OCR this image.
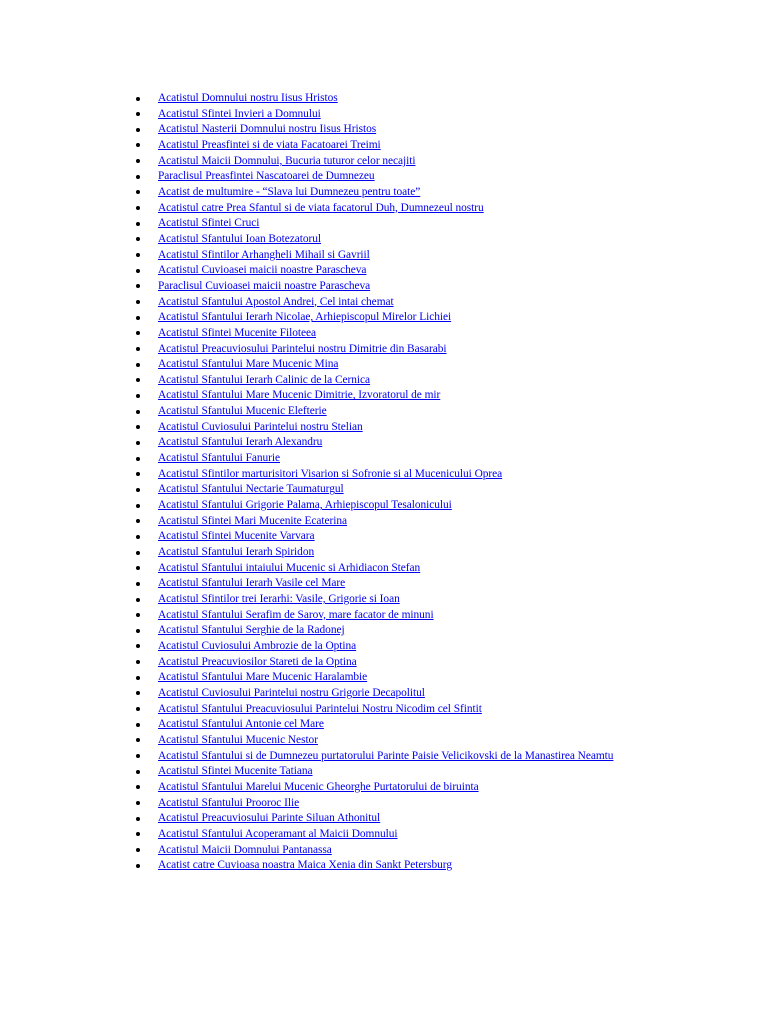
Acatistul Domnului nostru Iisus Hristos
Acatistul Sfintei Invieri a Domnului
Acatistul Nasterii Domnului nostru Iisus Hristos
Acatistul Preasfintei si de viata Facatoarei Treimi
Acatistul Maicii Domnului, Bucuria tuturor celor necajiti
Paraclisul Preasfintei Nascatoarei de Dumnezeu
Acatist de multumire - “Slava lui Dumnezeu pentru toate”
Acatistul catre Prea Sfantul si de viata facatorul Duh, Dumnezeul nostru
Acatistul Sfintei Cruci
Acatistul Sfantului Ioan Botezatorul
Acatistul Sfintilor Arhangheli Mihail si Gavriil
Acatistul Cuvioasei maicii noastre Parascheva
Paraclisul Cuvioasei maicii noastre Parascheva
Acatistul Sfantului Apostol Andrei, Cel intai chemat
Acatistul Sfantului Ierarh Nicolae, Arhiepiscopul Mirelor Lichiei
Acatistul Sfintei Mucenite Filoteea
Acatistul Preacuviosului Parintelui nostru Dimitrie din Basarabi
Acatistul Sfantului Mare Mucenic Mina
Acatistul Sfantului Ierarh Calinic de la Cernica
Acatistul Sfantului Mare Mucenic Dimitrie, Izvoratorul de mir
Acatistul Sfantului Mucenic Elefterie
Acatistul Cuviosului Parintelui nostru Stelian
Acatistul Sfantului Ierarh Alexandru
Acatistul Sfantului Fanurie
Acatistul Sfintilor marturisitori Visarion si Sofronie si al Mucenicului Oprea
Acatistul Sfantului Nectarie Taumaturgul
Acatistul Sfantului Grigorie Palama, Arhiepiscopul Tesalonicului
Acatistul Sfintei Mari Mucenite Ecaterina
Acatistul Sfintei Mucenite Varvara
Acatistul Sfantului Ierarh Spiridon
Acatistul Sfantului intaiului Mucenic si Arhidiacon Stefan
Acatistul Sfantului Ierarh Vasile cel Mare
Acatistul Sfintilor trei Ierarhi: Vasile, Grigorie si Ioan
Acatistul Sfantului Serafim de Sarov, mare facator de minuni
Acatistul Sfantului Serghie de la Radonej
Acatistul Cuviosului Ambrozie de la Optina
Acatistul Preacuviosilor Stareti de la Optina
Acatistul Sfantului Mare Mucenic Haralambie
Acatistul Cuviosului Parintelui nostru Grigorie Decapolitul
Acatistul Sfantului Preacuviosului Parintelui Nostru Nicodim cel Sfintit
Acatistul Sfantului Antonie cel Mare
Acatistul Sfantului Mucenic Nestor
Acatistul Sfantului si de Dumnezeu purtatorului Parinte Paisie Velicikovski de la Manastirea Neamtu
Acatistul Sfintei Mucenite Tatiana
Acatistul Sfantului Marelui Mucenic Gheorghe Purtatorului de biruinta
Acatistul Sfantului Prooroc Ilie
Acatistul Preacuviosului Parinte Siluan Athonitul
Acatistul Sfantului Acoperamant al Maicii Domnului
Acatistul Maicii Domnului Pantanassa
Acatist catre Cuvioasa noastra Maica Xenia din Sankt Petersburg
